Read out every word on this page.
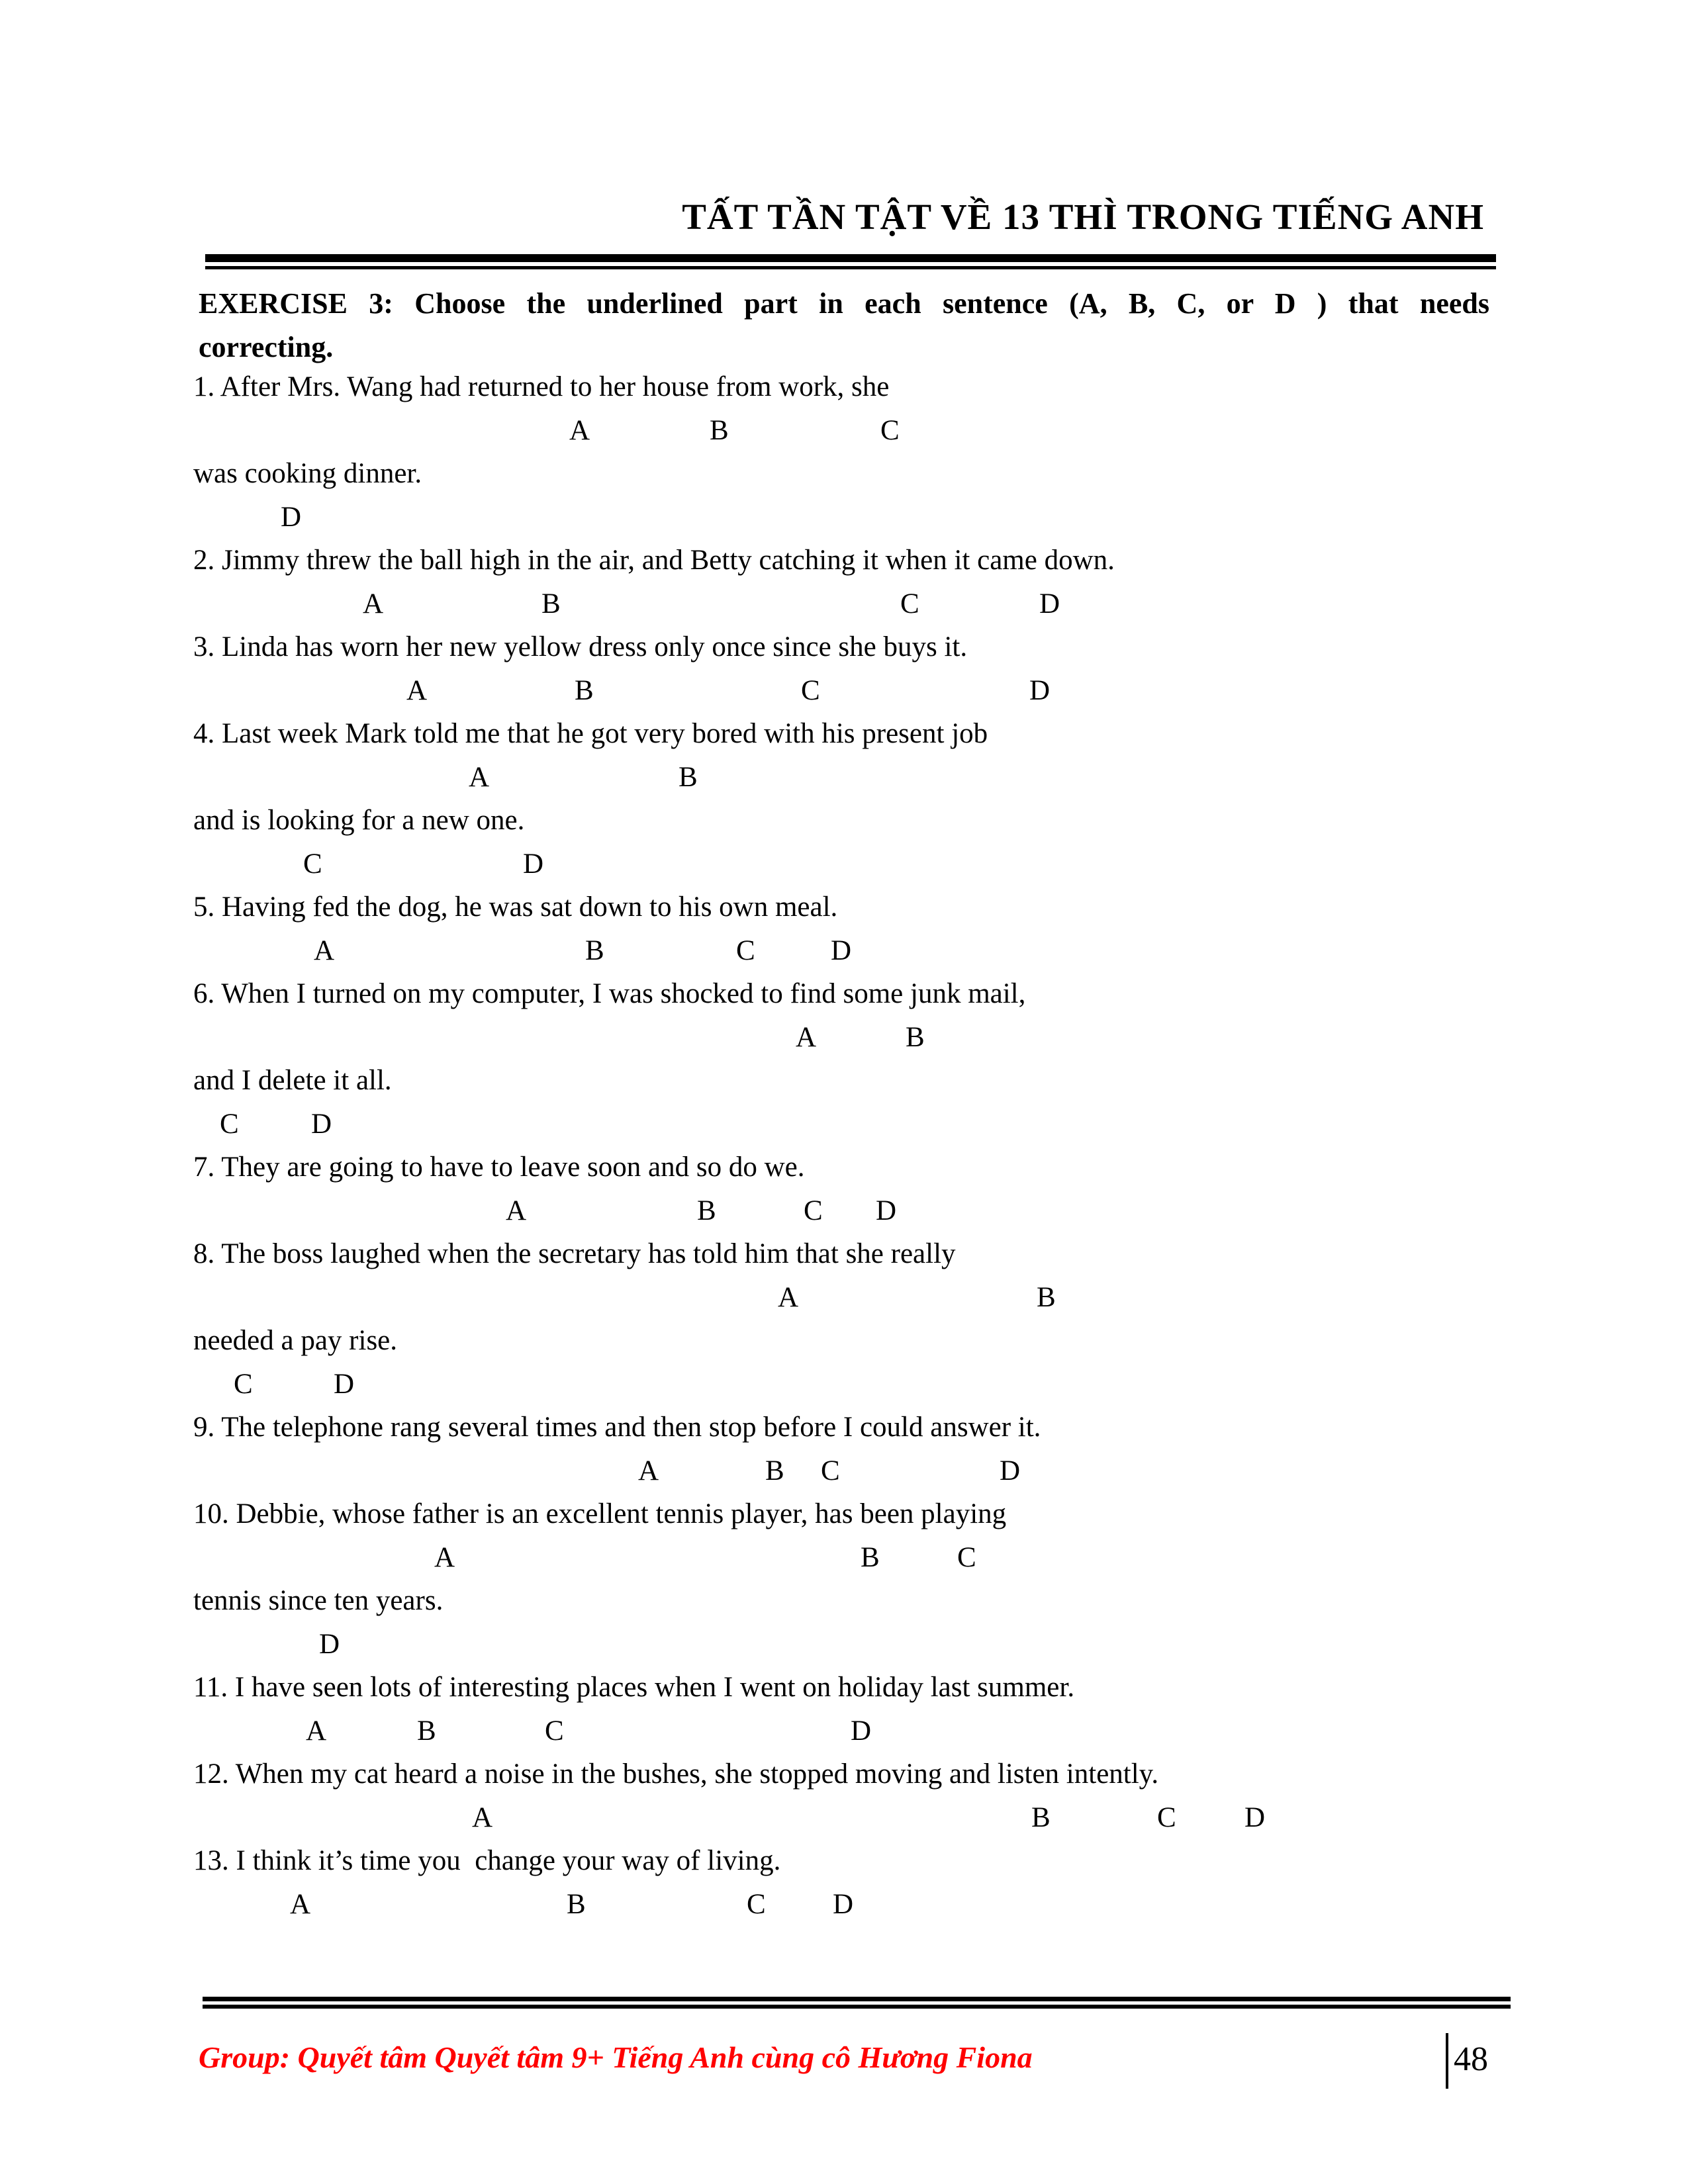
TẤT TẦN TẬT VỀ 13 THÌ TRONG TIẾNG ANH
EXERCISE 3: Choose the underlined part in each sentence (A, B, C, or D ) that needs
correcting.
1. After Mrs. Wang had returned to her house from work, she
A	B	C
was cooking dinner.
D
2. Jimmy threw the ball high in the air, and Betty catching it when it came down.
A	B	C	D
3. Linda has worn her new yellow dress only once since she buys it.
A	B	C	D
4. Last week Mark told me that he got very bored with his present job
A	B
and is looking for a new one.
C	D
5. Having fed the dog, he was sat down to his own meal.
A	B	C	D
6. When I turned on my computer, I was shocked to find some junk mail,
A	B
and I delete it all.
C	D
7. They are going to have to leave soon and so do we.
A	B	C D
8. The boss laughed when the secretary has told him that she really
A	B
needed a pay rise.
C	D
9. The telephone rang several times and then stop before I could answer it.
A	B C	D
10. Debbie, whose father is an excellent tennis player, has been playing
A	B	C
tennis since ten years.
D
11. I have seen lots of interesting places when I went on holiday last summer.
A	B	C	D
12. When my cat heard a noise in the bushes, she stopped moving and listen intently.
A	B	C D
13. I think it’s time you  change your way of living.
A	B	C D
Group: Quyết tâm Quyết tâm 9+ Tiếng Anh cùng cô Hương Fiona	48
